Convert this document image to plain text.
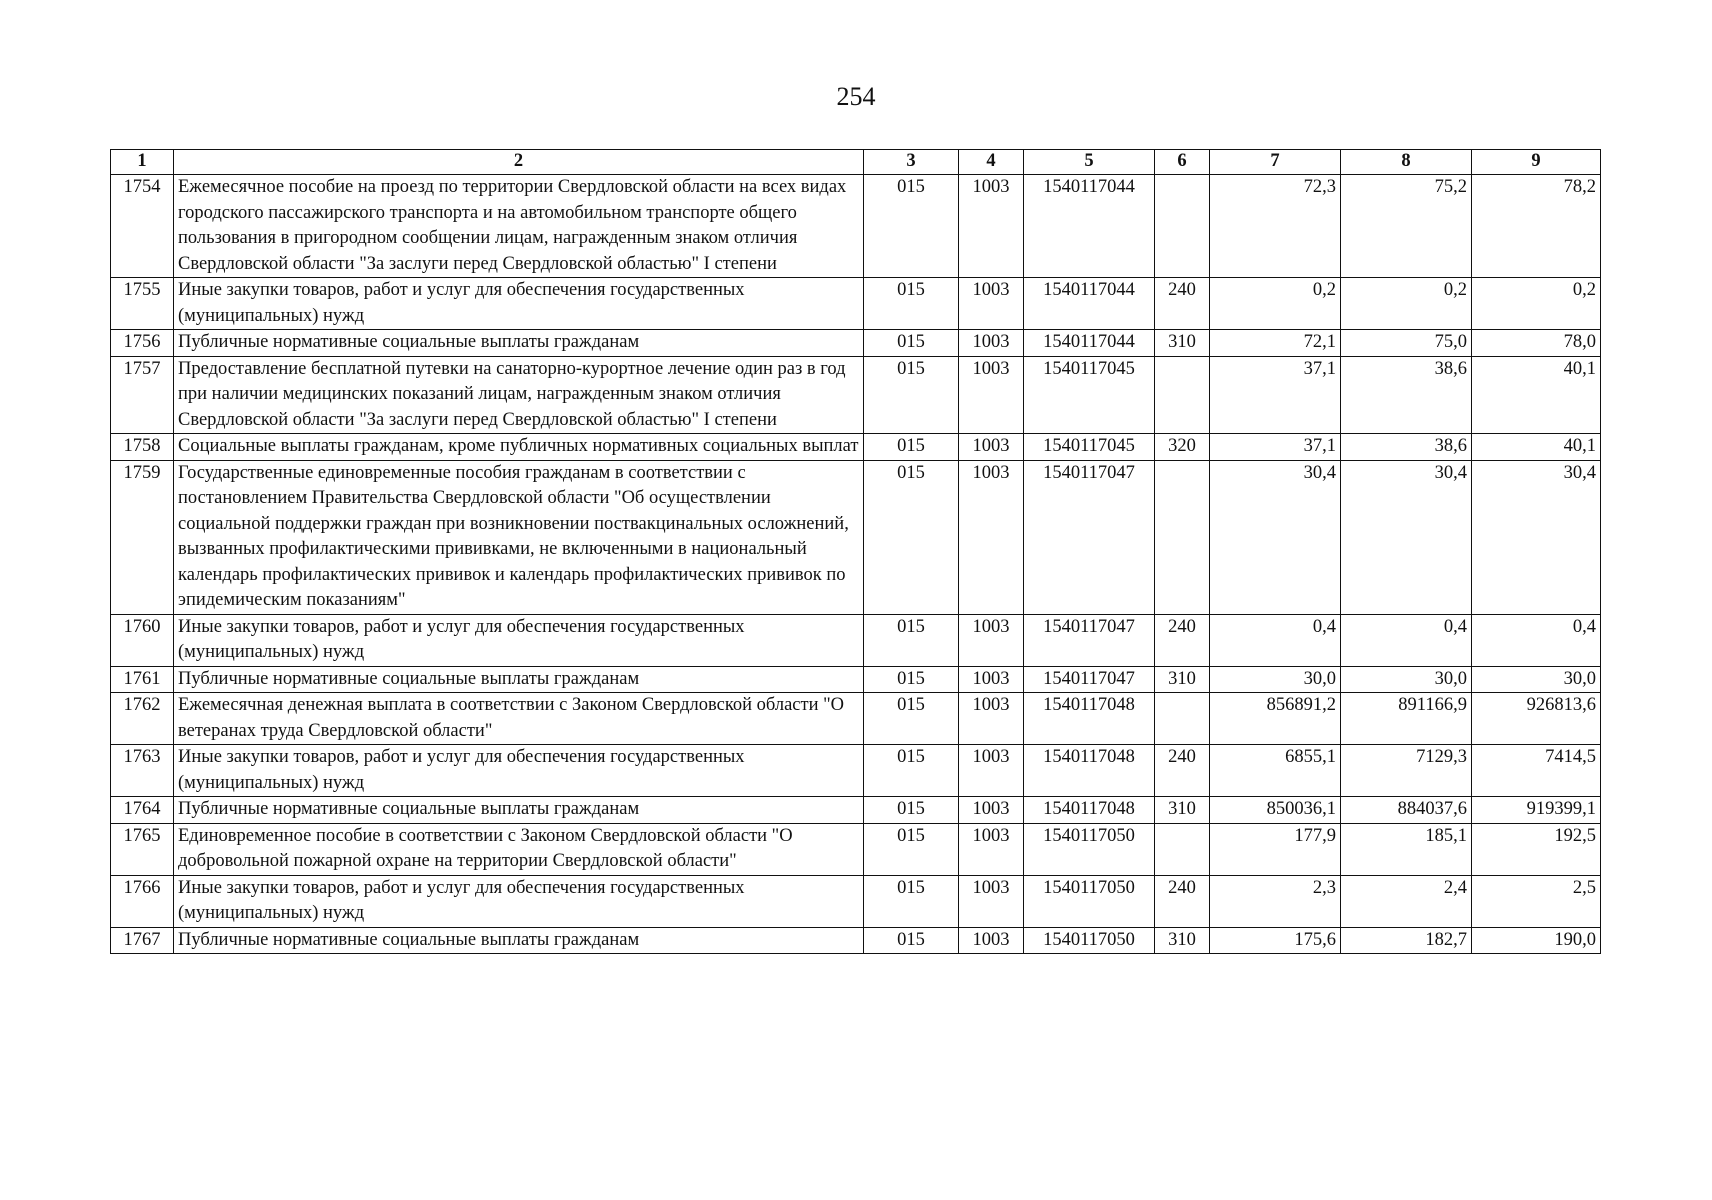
254
1	2	3	4	5	6	7	8	9
1754	Ежемесячное пособие на проезд по территории Свердловской области на всех видах городского пассажирского транспорта и на автомобильном транспорте общего пользования в пригородном сообщении лицам, награжденным знаком отличия Свердловской области "За заслуги перед Свердловской областью" I степени	015	1003	1540117044		72,3	75,2	78,2
1755	Иные закупки товаров, работ и услуг для обеспечения государственных (муниципальных) нужд	015	1003	1540117044	240	0,2	0,2	0,2
1756	Публичные нормативные социальные выплаты гражданам	015	1003	1540117044	310	72,1	75,0	78,0
1757	Предоставление бесплатной путевки на санаторно-курортное лечение один раз в год при наличии медицинских показаний лицам, награжденным знаком отличия Свердловской области "За заслуги перед Свердловской областью" I степени	015	1003	1540117045		37,1	38,6	40,1
1758	Социальные выплаты гражданам, кроме публичных нормативных социальных выплат	015	1003	1540117045	320	37,1	38,6	40,1
1759	Государственные единовременные пособия гражданам в соответствии с постановлением Правительства Свердловской области "Об осуществлении социальной поддержки граждан при возникновении поствакцинальных осложнений, вызванных профилактическими прививками, не включенными в национальный календарь профилактических прививок и календарь профилактических прививок по эпидемическим показаниям"	015	1003	1540117047		30,4	30,4	30,4
1760	Иные закупки товаров, работ и услуг для обеспечения государственных (муниципальных) нужд	015	1003	1540117047	240	0,4	0,4	0,4
1761	Публичные нормативные социальные выплаты гражданам	015	1003	1540117047	310	30,0	30,0	30,0
1762	Ежемесячная денежная выплата в соответствии с Законом Свердловской области "О ветеранах труда Свердловской области"	015	1003	1540117048		856891,2	891166,9	926813,6
1763	Иные закупки товаров, работ и услуг для обеспечения государственных (муниципальных) нужд	015	1003	1540117048	240	6855,1	7129,3	7414,5
1764	Публичные нормативные социальные выплаты гражданам	015	1003	1540117048	310	850036,1	884037,6	919399,1
1765	Единовременное пособие в соответствии с Законом Свердловской области "О добровольной пожарной охране на территории Свердловской области"	015	1003	1540117050		177,9	185,1	192,5
1766	Иные закупки товаров, работ и услуг для обеспечения государственных (муниципальных) нужд	015	1003	1540117050	240	2,3	2,4	2,5
1767	Публичные нормативные социальные выплаты гражданам	015	1003	1540117050	310	175,6	182,7	190,0
